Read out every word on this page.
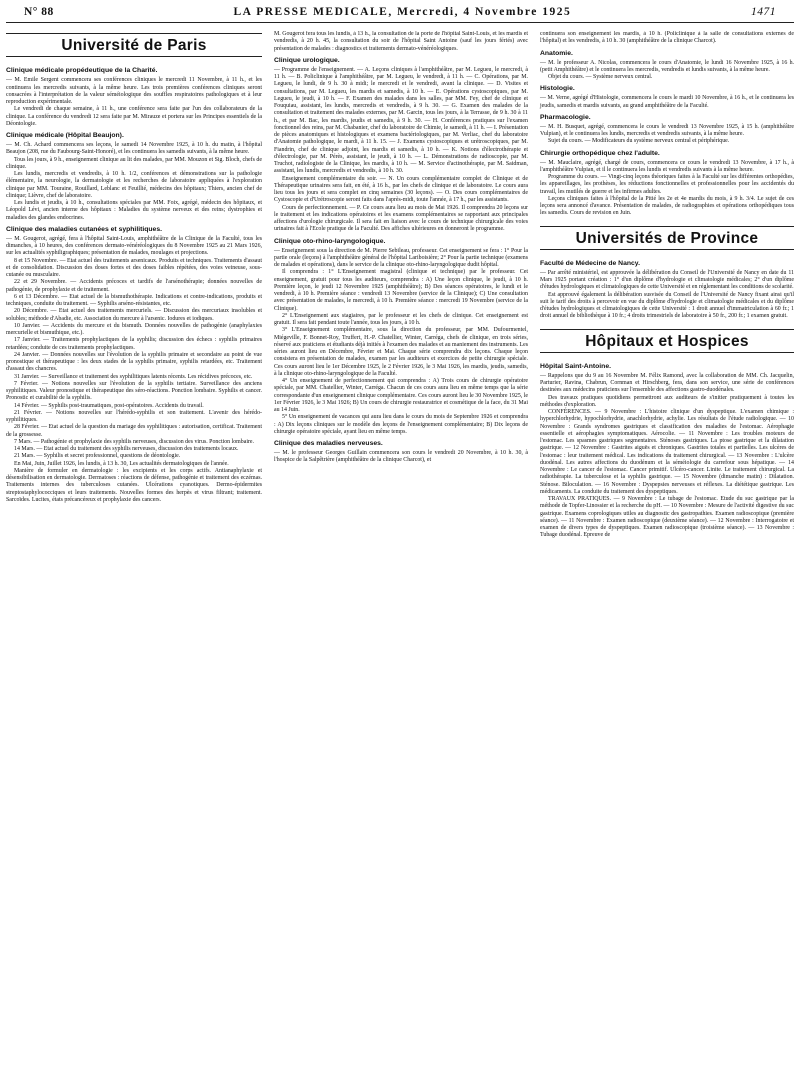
N° 88	LA PRESSE MEDICALE, Mercredi, 4 Novembre 1925	1471
Université de Paris
Clinique médicale propédeutique de la Charité.

— M. Emile Sergent commencera ses conférences cliniques le mercredi 11 Novembre, à 11 h., et les continuera les mercredis suivants, à la même heure. Les trois premières conférences cliniques seront consacrées à l'interprétation de la valeur séméiologique des souffles respiratoires pathologiques et à leur reproduction expérimentale.

Le vendredi de chaque semaine, à 11 h., une conférence sera faite par l'un des collaborateurs de la clinique. La conférence du vendredi 12 sera faite par M. Mirauze et portera sur les Principes essentiels de la Déontologie.

Clinique médicale (Hôpital Beaujon).

— M. Ch. Achard commencera ses leçons, le samedi 14 Novembre 1925, à 10 h. du matin, à l'hôpital Beaujon (208, rue du Faubourg-Saint-Honoré), et les continuera les samedis suivants, à la même heure.

Tous les jours, à 9 h., enseignement clinique au lit des malades, par MM. Mouzon et Sig. Bloch, chefs de clinique.

Les lundis, mercredis et vendredis, à 10 h. 1/2, conférences et démonstrations sur la pathologie élémentaire, la neurologie, la dermatologie et les recherches de laboratoire appliquées à l'exploration clinique par MM. Touraine, Rouillard, Leblanc et Feuillié, médecins des hôpitaux; Thiers, ancien chef de clinique; Lièvre, chef de laboratoire.

Les lundis et jeudis, à 10 h., consultations spéciales par MM. Foix, agrégé, médecin des hôpitaux, et Léopold Lévi, ancien interne des hôpitaux : Maladies du système nerveux et des reins; dystrophies et maladies des glandes endocrines.

Clinique des maladies cutanées et syphilitiques.

— M. Gougerot, agrégé, fera à l'hôpital Saint-Louis, amphithéâtre de la Clinique de la Faculté, tous les dimanches, à 10 heures, des conférences dermato-vénéréologiques du 8 Novembre 1925 au 21 Mars 1926, sur les actualités syphiligraphiques; présentation de malades, moulages et projections.

8 et 15 Novembre. — Etat actuel des traitements arsenicaux. Produits et techniques. Traitements d'assaut et de consolidation. Discussion des doses fortes et des doses faibles répétées, des voies veineuse, sous-cutanée ou musculaire.

22 et 29 Novembre. — Accidents précoces et tardifs de l'arsénothérapie; données nouvelles de pathogénie, de prophylaxie et de traitement.

6 et 13 Décembre. — Etat actuel de la bismuthothérapie. Indications et contre-indications, produits et techniques, conduite du traitement. — Syphilis arséno-résistantes, etc.

20 Décembre. — Etat actuel des traitements mercuriels. — Discussion des mercuriaux insolubles et solubles; méthode d'Abadie, etc. Association du mercure à l'arsenic. Iodures et iodiques.

10 Janvier. — Accidents du mercure et du bismuth. Données nouvelles de pathogénie (anaphylaxies mercurielle et bismuthique, etc.).

17 Janvier. — Traitements prophylactiques de la syphilis; discussion des échecs : syphilis primaires retardées; conduite de ces traitements prophylactiques.

24 Janvier. — Données nouvelles sur l'évolution de la syphilis primaire et secondaire au point de vue pronostique et thérapeutique : les deux stades de la syphilis primaire, syphilis retardées, etc. Traitement d'assaut des chancres.

31 Janvier. — Surveillance et traitement des syphilitiques latents récents. Les récidives précoces, etc.

7 Février. — Notions nouvelles sur l'évolution de la syphilis tertiaire. Surveillance des anciens syphilitiques. Valeur pronostique et thérapeutique des séro-réactions. Ponction lombaire. Syphilis et cancer. Pronostic et curabilité de la syphilis.

14 Février. — Syphilis post-traumatiques, post-opératoires. Accidents du travail.

21 Février. — Notions nouvelles sur l'hérédo-syphilis et son traitement. L'avenir des hérédo-syphilitiques.

28 Février. — Etat actuel de la question du mariage des syphilitiques : autorisation, certificat. Traitement de la grossesse.

7 Mars. — Pathogénie et prophylaxie des syphilis nerveuses, discussion des virus. Ponction lombaire.

14 Mars. — Etat actuel du traitement des syphilis nerveuses, discussion des traitements locaux.

21 Mars. — Syphilis et secret professionnel, questions de déontologie.

En Mai, Juin, Juillet 1926, les lundis, à 13 h. 30, Les actualités dermatologiques de l'année.

Manière de formuler en dermatologie : les excipients et les corps actifs. Antianaphylaxie et désensibilisation en dermatologie. Dermatoses : réactions de défense, pathogénie et traitement des eczémas. Traitements internes des tuberculoses cutanées. Ulcérations cyanotiques. Dermo-épidermites streptostaphylococciques et leurs traitements. Nouvelles formes des herpès et virus filtrant; traitement. Sarcoïdes. Lucites, états précancéreux et prophylaxie des cancers.

M. Gougerot fera tous les lundis, à 13 h., la consultation de la porte de l'hôpital Saint-Louis, et les mardis et vendredis, à 20 h. 45, la consultation du soir de l'hôpital Saint Antoine (sauf les jours fériés) avec présentation de malades : diagnostics et traitements dermato-vénéréologiques.

Clinique urologique.

— Programme de l'enseignement. — A. Leçons cliniques à l'amphithéâtre, par M. Legueu, le mercredi, à 11 h. — B. Policlinique à l'amphithéâtre, par M. Legueu, le vendredi, à 11 h. — C. Opérations, par M. Legueu, le lundi, de 9 h. 30 à midi; le mercredi et le vendredi, avant la clinique. — D. Visites et consultations, par M. Legueu, les mardis et samedis, à 10 h. — E. Opérations cystoscopiques, par M. Legueu, le jeudi, à 10 h. — F. Examen des malades dans les salles, par MM. Fey, chef de clinique et Fouquiau, assistant, les lundis, mercredis et vendredis, à 9 h. 30. — G. Examen des malades de la consultation et traitement des malades externes, par M. Garcin, tous les jours, à la Terrasse, de 9 h. 30 à 11 h., et par M. Bac, les mardis, jeudis et samedis, à 9 h. 30. — H. Conférences pratiques sur l'examen fonctionnel des reins, par M. Chabanier, chef du laboratoire de Chimie, le samedi, à 11 h. — I. Présentation de pièces anatomiques et histologiques et examens bactériologiques, par M. Verliac, chef du laboratoire d'Anatomie pathologique, le mardi, à 11 h. 15. — J. Examens cystoscopiques et urétroscopiques, par M. Fiandrin, chef de clinique adjoint, les mardis et samedis, à 10 h. — K. Notions d'électrothérapie et d'électrologie, par M. Pérès, assistant, le jeudi, à 10 h. — L. Démonstrations de radioscopie, par M. Truchot, radiologiste de la Clinique, les mardis, à 10 h. — M. Service d'actinothérapie, par M. Saidman, assistant, les lundis, mercredis et vendredis, à 10 h. 30.

Enseignement complémentaire du soir. — N. Un cours complémentaire complet de Clinique et de Thérapeutique urinaires sera fait, en été, à 16 h., par les chefs de clinique et de laboratoire. Le cours aura lieu tous les jours et sera complet en cinq semaines (30 leçons). — O. Des cours complémentaires de Cystoscopie et d'Urétroscopie seront faits dans l'après-midi, toute l'année, à 17 h., par les assistants.

Cours de perfectionnement. — P. Ce cours aura lieu au mois de Mai 1926. Il comprendra 20 leçons sur le traitement et les indications opératoires et les examens complémentaires se rapportant aux principales affections d'urologie chirurgicale. Il sera fait en liaison avec le cours de technique chirurgicale des voies urinaires fait à l'Ecole pratique de la Faculté. Des affiches ultérieures en donneront le programme.

Clinique oto-rhino-laryngologique.

— Enseignement sous la direction de M. Pierre Sebileau, professeur. Cet enseignement se fera : 1° Pour la partie orale (leçons) à l'amphithéâtre général de l'hôpital Lariboisière; 2° Pour la partie technique (examens de malades et opérations), dans le service de la clinique oto-rhino-laryngologique dudit hôpital.

Il comprendra : 1° L'Enseignement magistral (clinique et technique) par le professeur. Cet enseignement, gratuit pour tous les auditeurs, comprendra : A) Une leçon clinique, le jeudi, à 10 h. Première leçon, le jeudi 12 Novembre 1925 (amphithéâtre); B) Des séances opératoires, le lundi et le vendredi, à 10 h. Première séance : vendredi 13 Novembre (service de la Clinique); C) Une consultation avec présentation de malades, le mercredi, à 10 h. Première séance : mercredi 19 Novembre (service de la Clinique).

2° L'Enseignement aux stagiaires, par le professeur et les chefs de clinique. Cet enseignement est gratuit. Il sera fait pendant toute l'année, tous les jours, à 10 h.

3° L'Enseignement complémentaire, sous la direction du professeur, par MM. Dufourmentel, Miégeville, F. Bonnet-Roy, Truffert, H.-P. Chatellier, Winter, Carréga, chefs de clinique, en trois séries, réservé aux praticiens et étudiants déjà initiés à l'examen des malades et au maniement des instruments. Les séries auront lieu en Décembre, Février et Mai. Chaque série comprendra dix leçons. Chaque leçon consistera en présentation de malades, examen par les auditeurs et exercices de petite chirurgie spéciale. Ces cours auront lieu le 1er Décembre 1925, le 2 Février 1926, le 3 Mai 1926, les mardis, jeudis, samedis, à la clinique oto-rhino-laryngologique de la Faculté.

4° Un enseignement de perfectionnement qui comprendra : A) Trois cours de chirurgie opératoire spéciale, par MM. Chatellier, Winter, Carréga. Chacun de ces cours aura lieu en même temps que la série correspondante d'un enseignement clinique complémentaire. Ces cours auront lieu le 30 Novembre 1925, le 1er Février 1926, le 3 Mai 1926; B) Un cours de chirurgie restauratrice et cosmétique de la face, du 31 Mai au 14 Juin.

5° Un enseignement de vacances qui aura lieu dans le cours du mois de Septembre 1926 et comprendra : A) Dix leçons cliniques sur le modèle des leçons de l'enseignement complémentaire; B) Dix leçons de chirurgie opératoire spéciale, ayant lieu en même temps.

Clinique des maladies nerveuses.

— M. le professeur Georges Guillain commencera son cours le vendredi 20 Novembre, à 10 h. 30, à l'hospice de la Salpêtrière (amphithéâtre de la clinique Charcot), et

continuera son enseignement les mardis, à 10 h. (Policlinique à la salle de consultations externes de l'hôpital) et les vendredis, à 10 h. 30 (amphithéâtre de la clinique Charcot).

Anatomie.

— M. le professeur A. Nicolas, commencera le cours d'Anatomie, le lundi 16 Novembre 1925, à 16 h. (petit Amphithéâtre) et le continuera les mercredis, vendredis et lundis suivants, à la même heure.

Objet du cours. — Système nerveux central.

Histologie.

— M. Verne, agrégé d'Histologie, commencera le cours le mardi 10 Novembre, à 16 h., et le continuera les jeudis, samedis et mardis suivants, au grand amphithéâtre de la Faculté.

Pharmacologie.

— M. H. Busquet, agrégé, commencera le cours le vendredi 13 Novembre 1925, à 15 h. (amphithéâtre Vulpian), et le continuera les lundis, mercredis et vendredis suivants, à la même heure.

Sujet du cours. — Modificateurs du système nerveux central et périphérique.

Chirurgie orthopédique chez l'adulte.

— M. Mauclaire, agrégé, chargé de cours, commencera ce cours le vendredi 13 Novembre, à 17 h., à l'amphithéâtre Vulpian, et il le continuera les lundis et vendredis suivants à la même heure.

Programme du cours. — Vingt-cinq leçons théoriques faites à la Faculté sur les différentes orthopédies, les appareillages, les prothèses, les réductions fonctionnelles et professionnelles pour les accidentés du travail, les mutilés de guerre et les infirmes adultes.

Leçons cliniques faites à l'hôpital de la Pitié les 2e et 4e mardis du mois, à 9 h. 3/4. Le sujet de ces leçons sera annoncé d'avance. Présentation de malades, de radiographies et opérations orthopédiques tous les samedis. Cours de revision en Juin.

Universités de Province
Faculté de Médecine de Nancy.

— Par arrêté ministériel, est approuvée la délibération du Conseil de l'Université de Nancy en date du 11 Mars 1925 portant création : 1° d'un diplôme d'hydrologie et climatologie médicales; 2° d'un diplôme d'études hydrologiques et climatologiques de cette Université et en réglementant les conditions de scolarité.

Est approuvé également la délibération susvisée du Conseil de l'Université de Nancy fixant ainsi qu'il suit le tarif des droits à percevoir en vue du diplôme d'hydrologie et climatologie médicales et du diplôme d'études hydrologiques et climatologiques de cette Université : 1 droit annuel d'immatriculation à 60 fr.; 1 droit annuel de bibliothèque à 10 fr.; 4 droits trimestriels de laboratoire à 50 fr., 200 fr.; 1 examen gratuit.

Hôpitaux et Hospices
Hôpital Saint-Antoine.

— Rappelons que du 9 au 16 Novembre M. Félix Ramond, avec la collaboration de MM. Ch. Jacquelin, Parturier, Ravina, Chabrun, Cornman et Hirschberg, fera, dans son service, une série de conférences destinées aux médecins praticiens sur l'ensemble des affections gastro-duodénales.

Des travaux pratiques quotidiens permettront aux auditeurs de s'initier pratiquement à toutes les méthodes d'exploration.

CONFÉRENCES. — 9 Novembre : L'histoire clinique d'un dyspeptique. L'examen chimique : hyperchlorhydrie, hypochlorhydrie, anachlorhydrie, achylie. Les résultats de l'étude radiologique. — 10 Novembre : Grands syndromes gastriques et classification des maladies de l'estomac. Aérophagie essentielle et aérophagies symptomatiques. Aérocolie. — 11 Novembre : Les troubles moteurs de l'estomac. Les spasmes gastriques segmentaires. Sténoses gastriques. La ptose gastrique et la dilatation gastrique. — 12 Novembre : Gastrites aiguës et chroniques. Gastrites totales et partielles. Les ulcères de l'estomac : leur traitement médical. Les indications du traitement chirurgical. — 13 Novembre : L'ulcère duodénal. Les autres affections du duodénum et la séméiologie du carrefour sous hépatique. — 14 Novembre : Le cancer de l'estomac. Cancer primitif. Ulcéro-cancer. Linite. Le traitement chirurgical. La radiothérapie. La tuberculose et la syphilis gastrique. — 15 Novembre (dimanche matin) : Dilatation. Sténose. Biloculation. — 16 Novembre : Dyspepsies nerveuses et réflexes. La diététique gastrique. Les médicaments. La conduite du traitement des dyspeptiques.

TRAVAUX PRATIQUES. — 9 Novembre : Le tubage de l'estomac. Etude du suc gastrique par la méthode de Topfer-Linossier et la recherche du pH. — 10 Novembre : Mesure de l'activité digestive du suc gastrique. Examens coprologiques utiles au diagnostic des gastropathies. Examen radioscopique (première séance). — 11 Novembre : Examen radioscopique (deuxième séance). — 12 Novembre : Interrogatoire et examen de divers types de dyspeptiques. Examen radioscopique (troisième séance). — 13 Novembre : Tubage duodénal. Epreuve de
